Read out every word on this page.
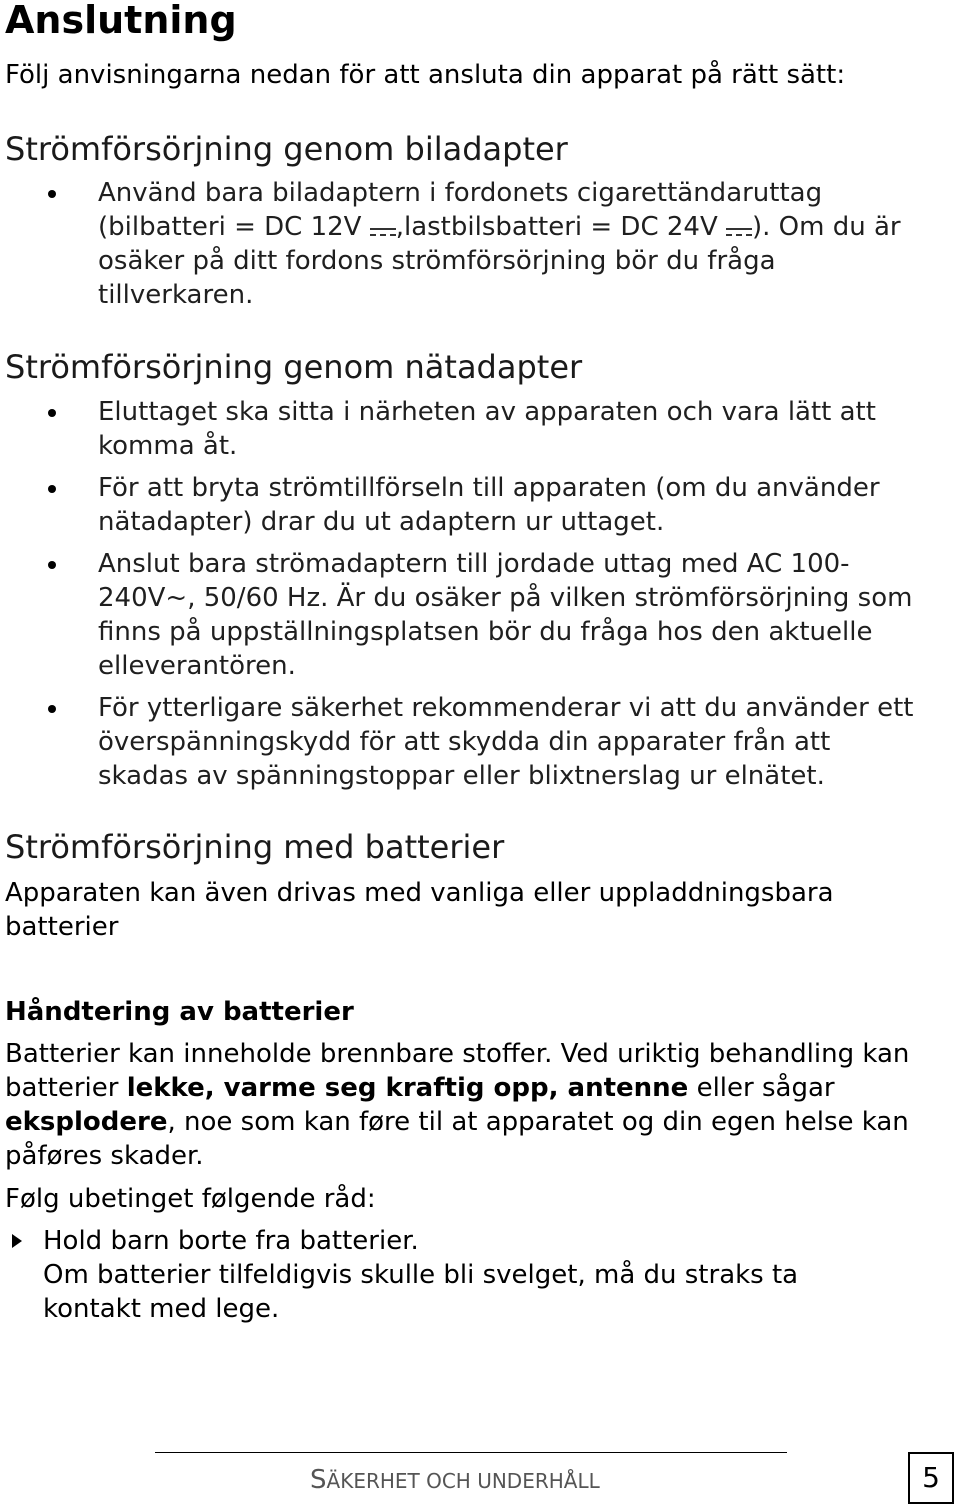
Anslutning

Följ anvisningarna nedan för att ansluta din apparat på rätt sätt:

Strömförsörjning genom biladapter
Använd bara biladaptern i fordonets cigarettändaruttag (bilbatteri = DC 12V ,lastbilsbatteri = DC 24V ). Om du är osäker på ditt fordons strömförsörjning bör du fråga tillverkaren.
Strömförsörjning genom nätadapter
Eluttaget ska sitta i närheten av apparaten och vara lätt att komma åt.
För att bryta strömtillförseln till apparaten (om du använder nätadapter) drar du ut adaptern ur uttaget.
Anslut bara strömadaptern till jordade uttag med AC 100-240V~, 50/60 Hz. Är du osäker på vilken strömförsörjning som finns på uppställningsplatsen bör du fråga hos den aktuelle elleverantören.
För ytterligare säkerhet rekommenderar vi att du använder ett överspänningskydd för att skydda din apparater från att skadas av spänningstoppar eller blixtnerslag ur elnätet.
Strömförsörjning med batterier

Apparaten kan även drivas med vanliga eller uppladdningsbara batterier

Håndtering av batterier

Batterier kan inneholde brennbare stoffer. Ved uriktig behandling kan batterier lekke, varme seg kraftig opp, antenne eller sågar eksplodere, noe som kan føre til at apparatet og din egen helse kan påføres skader.

Følg ubetinget følgende råd:

Hold barn borte fra batterier.
Om batterier tilfeldigvis skulle bli svelget, må du straks ta kontakt med lege.
SÄKERHET OCH UNDERHÅLL	5
